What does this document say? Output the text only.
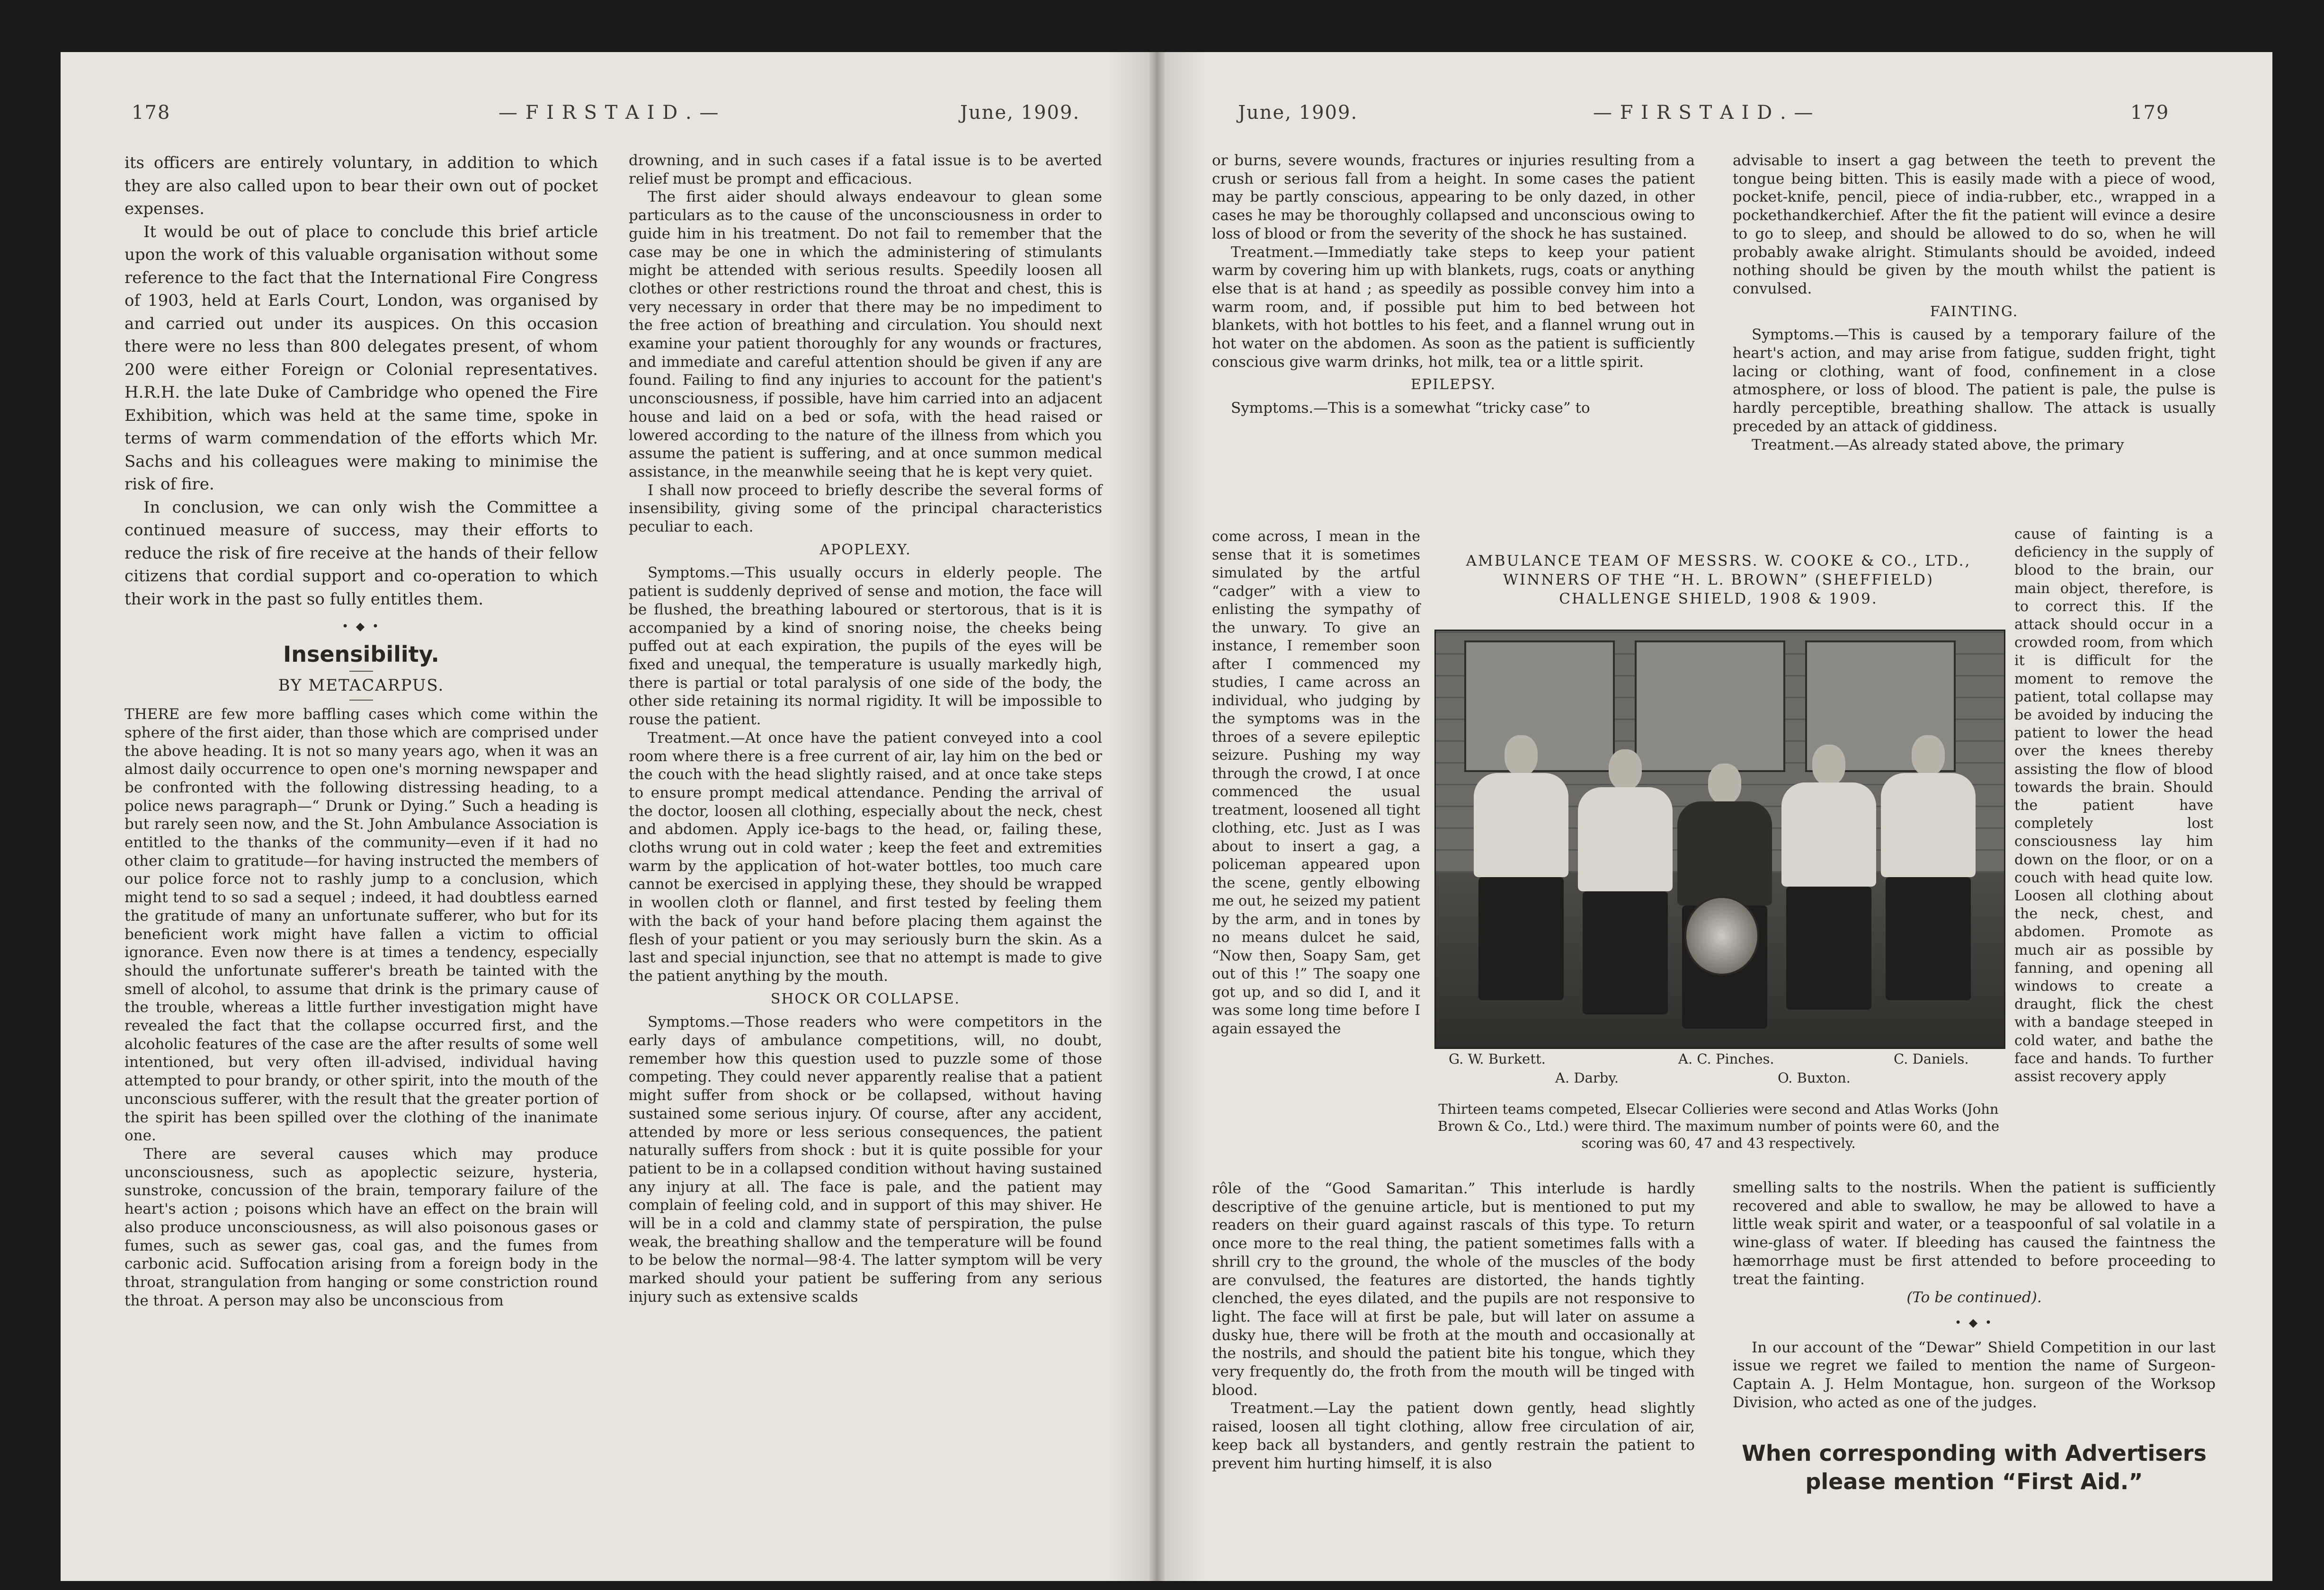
178	— F I R S T A I D . —	June, 1909.

its officers are entirely voluntary, in addition to which they are also called upon to bear their own out of pocket expenses.

It would be out of place to conclude this brief article upon the work of this valuable organisation without some reference to the fact that the International Fire Congress of 1903, held at Earls Court, London, was organised by and carried out under its auspices. On this occasion there were no less than 800 delegates present, of whom 200 were either Foreign or Colonial representatives. H.R.H. the late Duke of Cambridge who opened the Fire Exhibition, which was held at the same time, spoke in terms of warm commendation of the efforts which Mr. Sachs and his colleagues were making to minimise the risk of fire.

In conclusion, we can only wish the Committee a continued measure of success, may their efforts to reduce the risk of fire receive at the hands of their fellow citizens that cordial support and co-operation to which their work in the past so fully entitles them.

• ◆ •
Insensibility.
BY METACARPUS.

THERE are few more baffling cases which come within the sphere of the first aider, than those which are comprised under the above heading. It is not so many years ago, when it was an almost daily occurrence to open one's morning newspaper and be confronted with the following distressing heading, to a police news paragraph—“ Drunk or Dying.” Such a heading is but rarely seen now, and the St. John Ambulance Association is entitled to the thanks of the community—even if it had no other claim to gratitude—for having instructed the members of our police force not to rashly jump to a conclusion, which might tend to so sad a sequel ; indeed, it had doubtless earned the gratitude of many an unfortunate sufferer, who but for its beneficient work might have fallen a victim to official ignorance. Even now there is at times a tendency, especially should the unfortunate sufferer's breath be tainted with the smell of alcohol, to assume that drink is the primary cause of the trouble, whereas a little further investigation might have revealed the fact that the collapse occurred first, and the alcoholic features of the case are the after results of some well intentioned, but very often ill-advised, individual having attempted to pour brandy, or other spirit, into the mouth of the unconscious sufferer, with the result that the greater portion of the spirit has been spilled over the clothing of the inanimate one.

There are several causes which may produce unconsciousness, such as apoplectic seizure, hysteria, sunstroke, concussion of the brain, temporary failure of the heart's action ; poisons which have an effect on the brain will also produce unconsciousness, as will also poisonous gases or fumes, such as sewer gas, coal gas, and the fumes from carbonic acid. Suffocation arising from a foreign body in the throat, strangulation from hanging or some constriction round the throat. A person may also be unconscious from

drowning, and in such cases if a fatal issue is to be averted relief must be prompt and efficacious.

The first aider should always endeavour to glean some particulars as to the cause of the unconsciousness in order to guide him in his treatment. Do not fail to remember that the case may be one in which the administering of stimulants might be attended with serious results. Speedily loosen all clothes or other restrictions round the throat and chest, this is very necessary in order that there may be no impediment to the free action of breathing and circulation. You should next examine your patient thoroughly for any wounds or fractures, and immediate and careful attention should be given if any are found. Failing to find any injuries to account for the patient's unconsciousness, if possible, have him carried into an adjacent house and laid on a bed or sofa, with the head raised or lowered according to the nature of the illness from which you assume the patient is suffering, and at once summon medical assistance, in the meanwhile seeing that he is kept very quiet.

I shall now proceed to briefly describe the several forms of insensibility, giving some of the principal characteristics peculiar to each.

APOPLEXY.

Symptoms.—This usually occurs in elderly people. The patient is suddenly deprived of sense and motion, the face will be flushed, the breathing laboured or stertorous, that is it is accompanied by a kind of snoring noise, the cheeks being puffed out at each expiration, the pupils of the eyes will be fixed and unequal, the temperature is usually markedly high, there is partial or total paralysis of one side of the body, the other side retaining its normal rigidity. It will be impossible to rouse the patient.

Treatment.—At once have the patient conveyed into a cool room where there is a free current of air, lay him on the bed or the couch with the head slightly raised, and at once take steps to ensure prompt medical attendance. Pending the arrival of the doctor, loosen all clothing, especially about the neck, chest and abdomen. Apply ice-bags to the head, or, failing these, cloths wrung out in cold water ; keep the feet and extremities warm by the application of hot-water bottles, too much care cannot be exercised in applying these, they should be wrapped in woollen cloth or flannel, and first tested by feeling them with the back of your hand before placing them against the flesh of your patient or you may seriously burn the skin. As a last and special injunction, see that no attempt is made to give the patient anything by the mouth.

SHOCK OR COLLAPSE.

Symptoms.—Those readers who were competitors in the early days of ambulance competitions, will, no doubt, remember how this question used to puzzle some of those competing. They could never apparently realise that a patient might suffer from shock or be collapsed, without having sustained some serious injury. Of course, after any accident, attended by more or less serious consequences, the patient naturally suffers from shock : but it is quite possible for your patient to be in a collapsed condition without having sustained any injury at all. The face is pale, and the patient may complain of feeling cold, and in support of this may shiver. He will be in a cold and clammy state of perspiration, the pulse weak, the breathing shallow and the temperature will be found to be below the normal—98·4. The latter symptom will be very marked should your patient be suffering from any serious injury such as extensive scalds

June, 1909.	— F I R S T A I D . —	179

or burns, severe wounds, fractures or injuries resulting from a crush or serious fall from a height. In some cases the patient may be partly conscious, appearing to be only dazed, in other cases he may be thoroughly collapsed and unconscious owing to loss of blood or from the severity of the shock he has sustained.

Treatment.—Immediatly take steps to keep your patient warm by covering him up with blankets, rugs, coats or anything else that is at hand ; as speedily as possible convey him into a warm room, and, if possible put him to bed between hot blankets, with hot bottles to his feet, and a flannel wrung out in hot water on the abdomen. As soon as the patient is sufficiently conscious give warm drinks, hot milk, tea or a little spirit.

EPILEPSY.

Symptoms.—This is a somewhat “tricky case” to

come across, I mean in the sense that it is sometimes simulated by the artful “cadger” with a view to enlisting the sympathy of the unwary. To give an instance, I remember soon after I commenced my studies, I came across an individual, who judging by the symptoms was in the throes of a severe epileptic seizure. Pushing my way through the crowd, I at once commenced the usual treatment, loosened all tight clothing, etc. Just as I was about to insert a gag, a policeman appeared upon the scene, gently elbowing me out, he seized my patient by the arm, and in tones by no means dulcet he said, “Now then, Soapy Sam, get out of this !” The soapy one got up, and so did I, and it was some long time before I again essayed the

rôle of the “Good Samaritan.” This interlude is hardly descriptive of the genuine article, but is mentioned to put my readers on their guard against rascals of this type. To return once more to the real thing, the patient sometimes falls with a shrill cry to the ground, the whole of the muscles of the body are convulsed, the features are distorted, the hands tightly clenched, the eyes dilated, and the pupils are not responsive to light. The face will at first be pale, but will later on assume a dusky hue, there will be froth at the mouth and occasionally at the nostrils, and should the patient bite his tongue, which they very frequently do, the froth from the mouth will be tinged with blood.

Treatment.—Lay the patient down gently, head slightly raised, loosen all tight clothing, allow free circulation of air, keep back all bystanders, and gently restrain the patient to prevent him hurting himself, it is also

AMBULANCE TEAM OF MESSRS. W. COOKE & CO., LTD.,
WINNERS OF THE “H. L. BROWN” (SHEFFIELD)
CHALLENGE SHIELD, 1908 & 1909.
G. W. Burkett.	A. C. Pinches.	C. Daniels.
A. Darby.	O. Buxton.

Thirteen teams competed, Elsecar Collieries were second and Atlas Works (John Brown & Co., Ltd.) were third. The maximum number of points were 60, and the scoring was 60, 47 and 43 respectively.

advisable to insert a gag between the teeth to prevent the tongue being bitten. This is easily made with a piece of wood, pocket-knife, pencil, piece of india-rubber, etc., wrapped in a pockethandkerchief. After the fit the patient will evince a desire to go to sleep, and should be allowed to do so, when he will probably awake alright. Stimulants should be avoided, indeed nothing should be given by the mouth whilst the patient is convulsed.

FAINTING.

Symptoms.—This is caused by a temporary failure of the heart's action, and may arise from fatigue, sudden fright, tight lacing or clothing, want of food, confinement in a close atmosphere, or loss of blood. The patient is pale, the pulse is hardly perceptible, breathing shallow. The attack is usually preceded by an attack of giddiness.

Treatment.—As already stated above, the primary

cause of fainting is a deficiency in the supply of blood to the brain, our main object, therefore, is to correct this. If the attack should occur in a crowded room, from which it is difficult for the moment to remove the patient, total collapse may be avoided by inducing the patient to lower the head over the knees thereby assisting the flow of blood towards the brain. Should the patient have completely lost consciousness lay him down on the floor, or on a couch with head quite low. Loosen all clothing about the neck, chest, and abdomen. Promote as much air as possible by fanning, and opening all windows to create a draught, flick the chest with a bandage steeped in cold water, and bathe the face and hands. To further assist recovery apply

smelling salts to the nostrils. When the patient is sufficiently recovered and able to swallow, he may be allowed to have a little weak spirit and water, or a teaspoonful of sal volatile in a wine-glass of water. If bleeding has caused the faintness the hæmorrhage must be first attended to before proceeding to treat the fainting.

(To be continued).
• ◆ •

In our account of the “Dewar” Shield Competition in our last issue we regret we failed to mention the name of Surgeon-Captain A. J. Helm Montague, hon. surgeon of the Worksop Division, who acted as one of the judges.

When corresponding with Advertisers
please mention “First Aid.”
